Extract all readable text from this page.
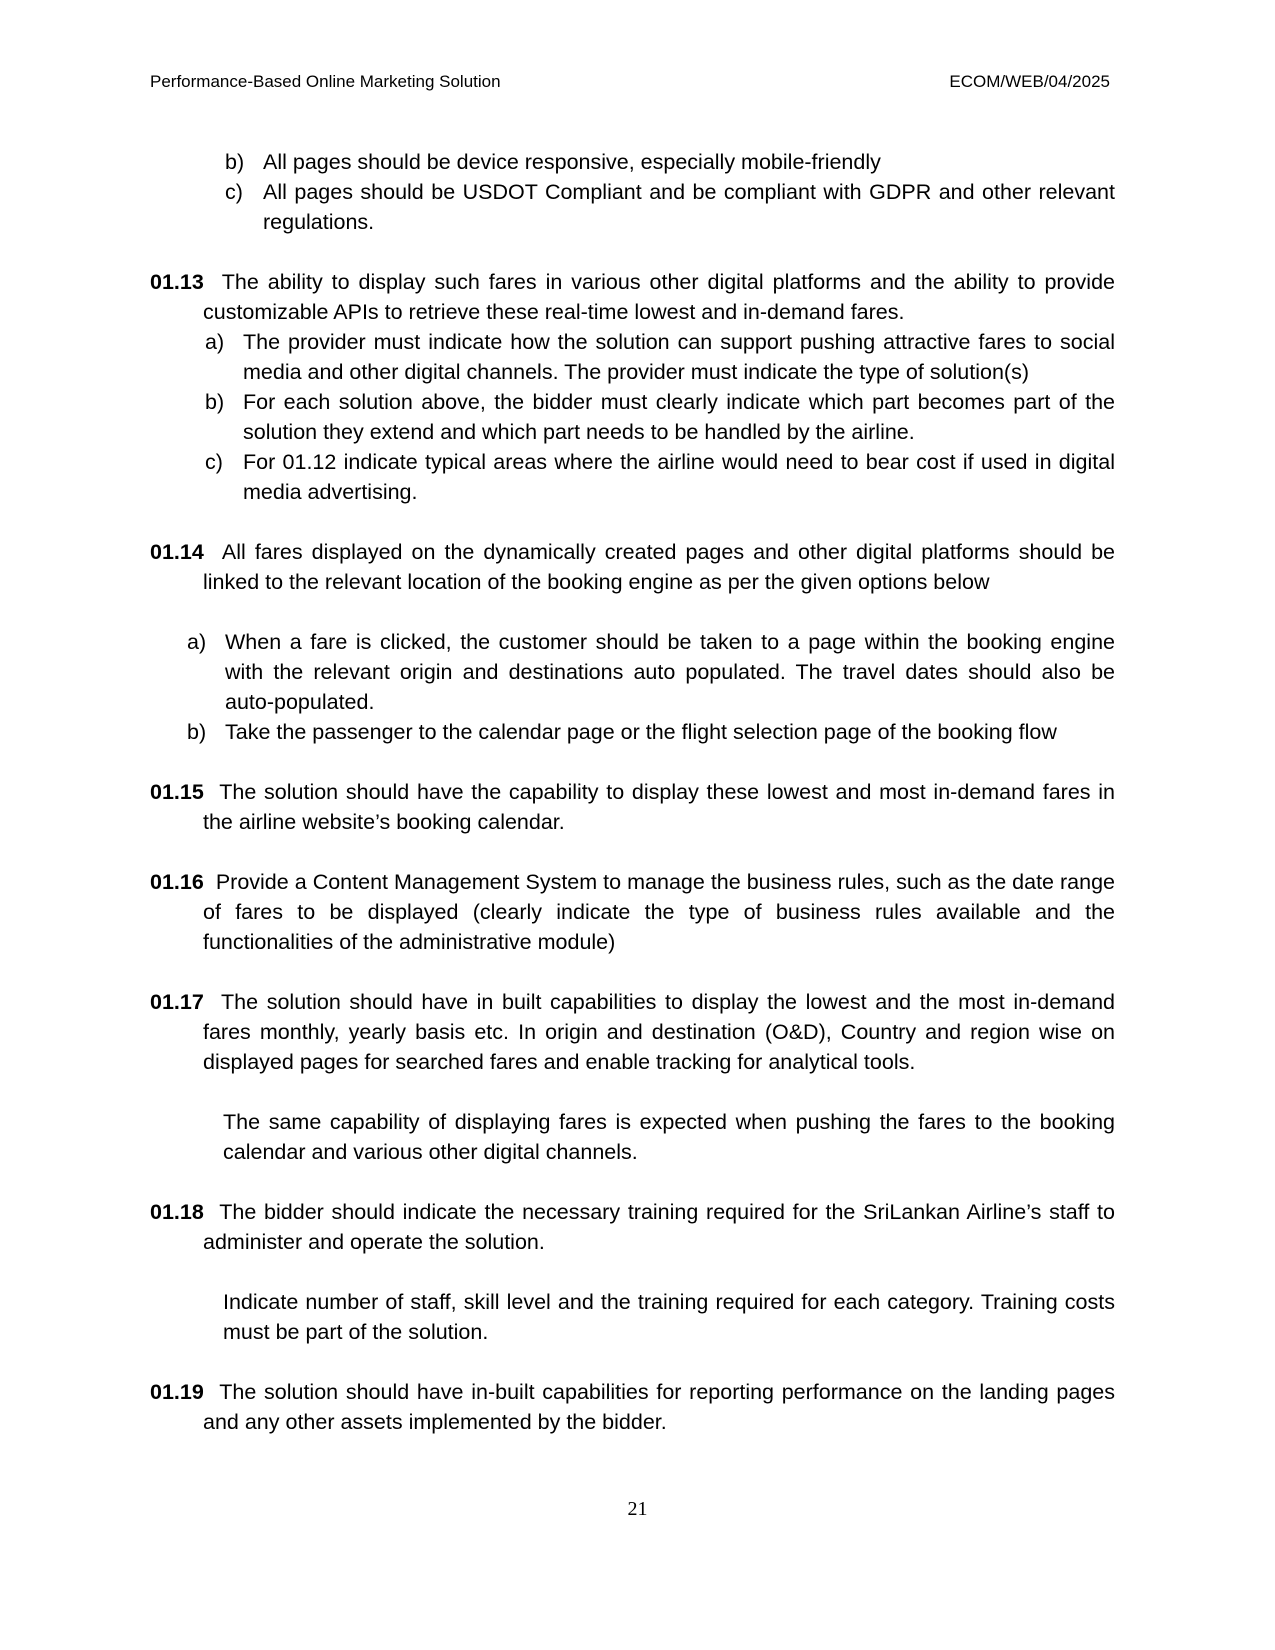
Performance-Based Online Marketing Solution	ECOM/WEB/04/2025
b) All pages should be device responsive, especially mobile-friendly
c) All pages should be USDOT Compliant and be compliant with GDPR and other relevant regulations.
01.13 The ability to display such fares in various other digital platforms and the ability to provide customizable APIs to retrieve these real-time lowest and in-demand fares.
a) The provider must indicate how the solution can support pushing attractive fares to social media and other digital channels. The provider must indicate the type of solution(s)
b) For each solution above, the bidder must clearly indicate which part becomes part of the solution they extend and which part needs to be handled by the airline.
c) For 01.12 indicate typical areas where the airline would need to bear cost if used in digital media advertising.
01.14 All fares displayed on the dynamically created pages and other digital platforms should be linked to the relevant location of the booking engine as per the given options below
a) When a fare is clicked, the customer should be taken to a page within the booking engine with the relevant origin and destinations auto populated. The travel dates should also be auto-populated.
b) Take the passenger to the calendar page or the flight selection page of the booking flow
01.15 The solution should have the capability to display these lowest and most in-demand fares in the airline website’s booking calendar.
01.16 Provide a Content Management System to manage the business rules, such as the date range of fares to be displayed (clearly indicate the type of business rules available and the functionalities of the administrative module)
01.17 The solution should have in built capabilities to display the lowest and the most in-demand fares monthly, yearly basis etc. In origin and destination (O&D), Country and region wise on displayed pages for searched fares and enable tracking for analytical tools.
The same capability of displaying fares is expected when pushing the fares to the booking calendar and various other digital channels.
01.18 The bidder should indicate the necessary training required for the SriLankan Airline’s staff to administer and operate the solution.
Indicate number of staff, skill level and the training required for each category. Training costs must be part of the solution.
01.19 The solution should have in-built capabilities for reporting performance on the landing pages and any other assets implemented by the bidder.
21
